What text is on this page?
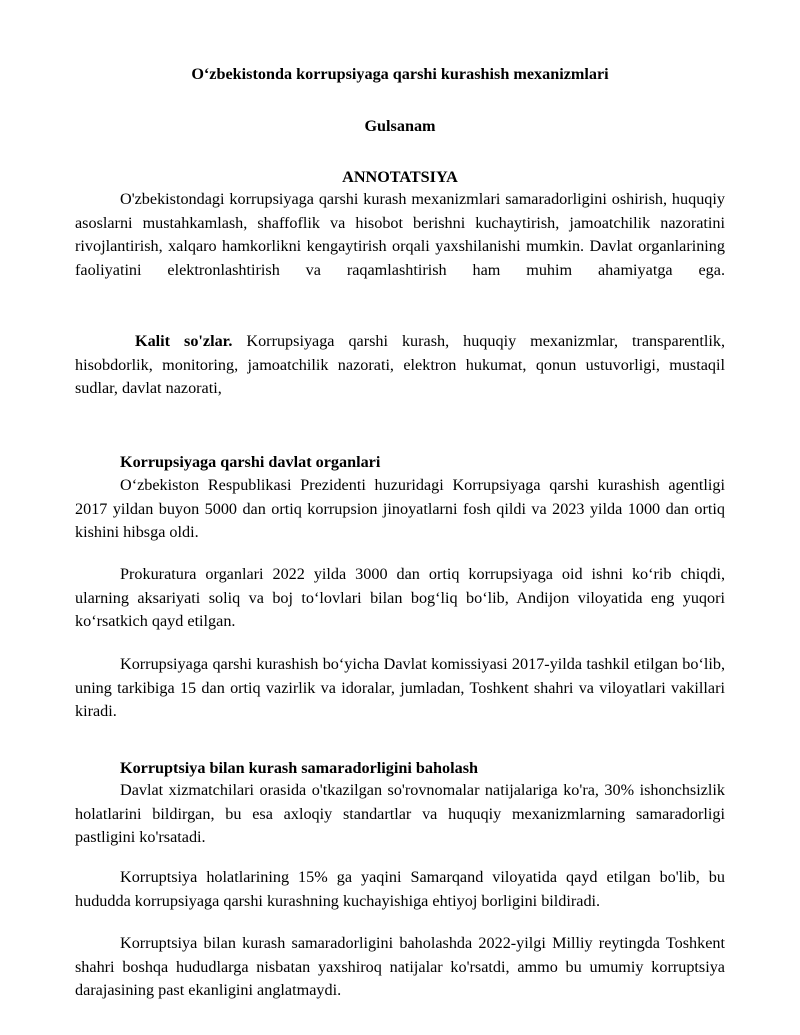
O‘zbekistonda korrupsiyaga qarshi kurashish mexanizmlari
Gulsanam
ANNOTATSIYA
O'zbekistondagi korrupsiyaga qarshi kurash mexanizmlari samaradorligini oshirish, huquqiy asoslarni mustahkamlash, shaffoflik va hisobot berishni kuchaytirish, jamoatchilik nazoratini rivojlantirish, xalqaro hamkorlikni kengaytirish orqali yaxshilanishi mumkin. Davlat organlarining faoliyatini elektronlashtirish va raqamlashtirish ham muhim ahamiyatga ega.
Kalit so'zlar. Korrupsiyaga qarshi kurash, huquqiy mexanizmlar, transparentlik, hisobdorlik, monitoring, jamoatchilik nazorati, elektron hukumat, qonun ustuvorligi, mustaqil sudlar, davlat nazorati,
Korrupsiyaga qarshi davlat organlari
O‘zbekiston Respublikasi Prezidenti huzuridagi Korrupsiyaga qarshi kurashish agentligi 2017 yildan buyon 5000 dan ortiq korrupsion jinoyatlarni fosh qildi va 2023 yilda 1000 dan ortiq kishini hibsga oldi.
Prokuratura organlari 2022 yilda 3000 dan ortiq korrupsiyaga oid ishni ko‘rib chiqdi, ularning aksariyati soliq va boj to‘lovlari bilan bog‘liq bo‘lib, Andijon viloyatida eng yuqori ko‘rsatkich qayd etilgan.
Korrupsiyaga qarshi kurashish bo‘yicha Davlat komissiyasi 2017-yilda tashkil etilgan bo‘lib, uning tarkibiga 15 dan ortiq vazirlik va idoralar, jumladan, Toshkent shahri va viloyatlari vakillari kiradi.
Korruptsiya bilan kurash samaradorligini baholash
Davlat xizmatchilari orasida o'tkazilgan so'rovnomalar natijalariga ko'ra, 30% ishonchsizlik holatlarini bildirgan, bu esa axloqiy standartlar va huquqiy mexanizmlarning samaradorligi pastligini ko'rsatadi.
Korruptsiya holatlarining 15% ga yaqini Samarqand viloyatida qayd etilgan bo'lib, bu hududda korrupsiyaga qarshi kurashning kuchayishiga ehtiyoj borligini bildiradi.
Korruptsiya bilan kurash samaradorligini baholashda 2022-yilgi Milliy reytingda Toshkent shahri boshqa hududlarga nisbatan yaxshiroq natijalar ko'rsatdi, ammo bu umumiy korruptsiya darajasining past ekanligini anglatmaydi.
